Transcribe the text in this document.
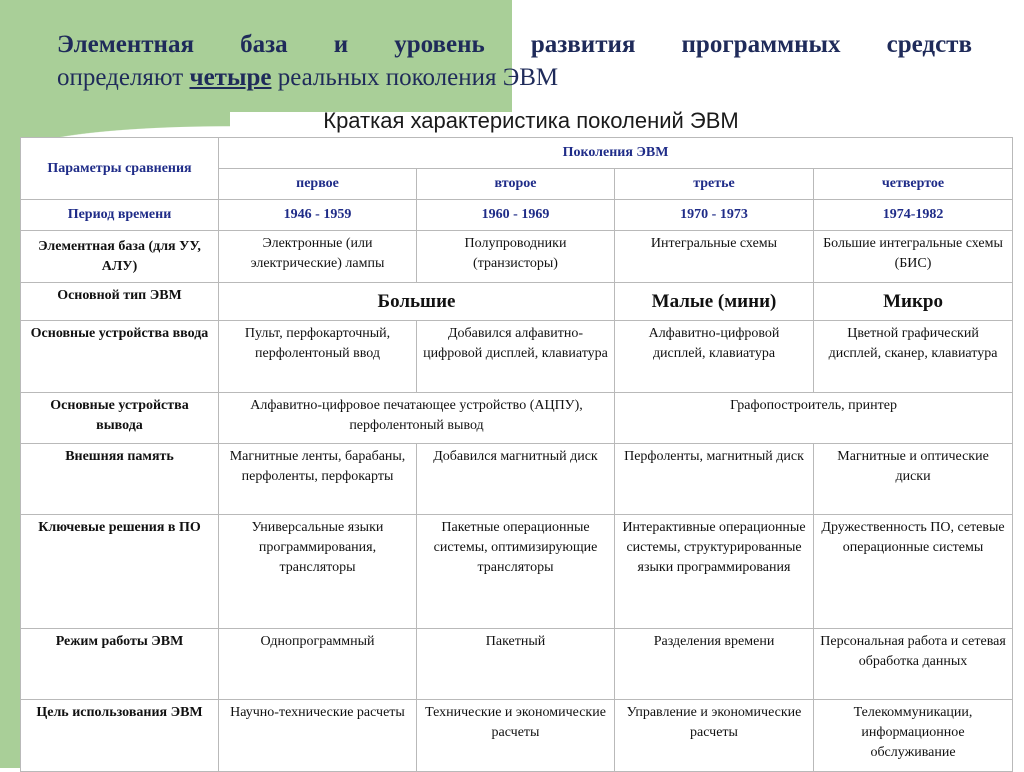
Элементная база и уровень развития программных средств
определяют четыре реальных поколения ЭВМ
Краткая характеристика поколений ЭВМ
Параметры сравнения	Поколения ЭВМ			
	первое	второе	третье	четвертое
Период времени	1946 - 1959	1960 - 1969	1970 - 1973	1974-1982
Элементная база (для УУ, АЛУ)	Электронные (или электрические) лампы	Полупроводники (транзисторы)	Интегральные схемы	Большие интегральные схемы (БИС)
Основной тип ЭВМ	Большие		Малые (мини)	Микро
Основные устройства ввода	Пульт, перфокарточный, перфолентоный ввод	Добавился алфавитно-цифровой дисплей, клавиатура	Алфавитно-цифровой дисплей, клавиатура	Цветной графический дисплей, сканер, клавиатура
Основные устройства вывода	Алфавитно-цифровое печатающее устройство (АЦПУ), перфолентоный вывод		Графопостроитель, принтер	
Внешняя память	Магнитные ленты, барабаны, перфоленты, перфокарты	Добавился магнитный диск	Перфоленты, магнитный диск	Магнитные и оптические диски
Ключевые решения в ПО	Универсальные языки программирования, трансляторы	Пакетные операционные системы, оптимизирующие трансляторы	Интерактивные операционные системы, структурированные языки программирования	Дружественность ПО, сетевые операционные системы
Режим работы ЭВМ	Однопрограммный	Пакетный	Разделения времени	Персональная работа и сетевая обработка данных
Цель использования ЭВМ	Научно-технические расчеты	Технические и экономические расчеты	Управление и экономические расчеты	Телекоммуникации, информационное обслуживание
